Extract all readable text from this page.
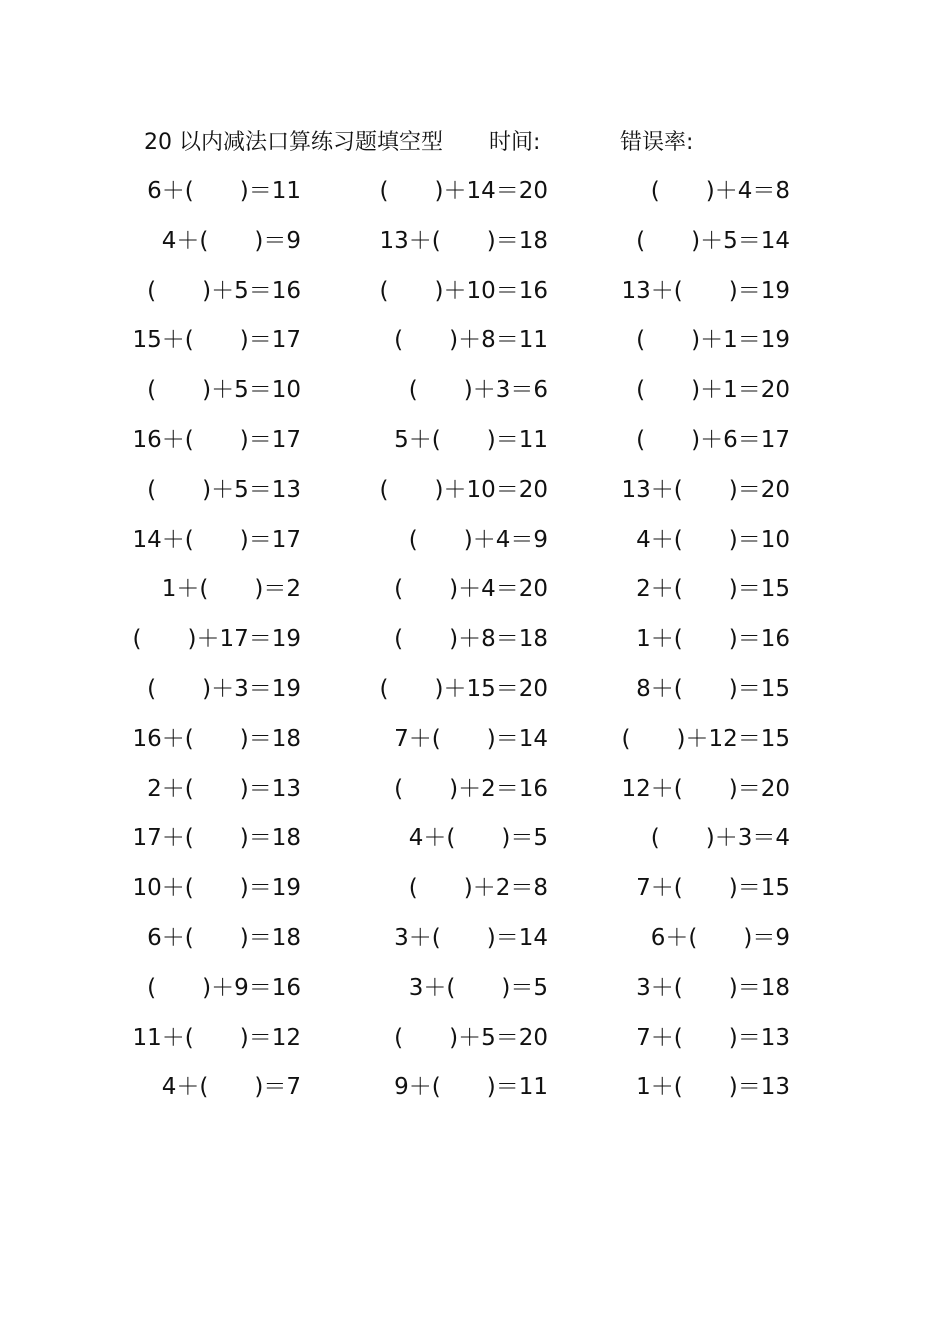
20 以内减法口算练习题填空型 时间:	错误率:
6＋(　　)＝11	(　　)＋14＝20	(　　)＋4＝8
4＋(　　)＝9	13＋(　　)＝18	(　　)＋5＝14
(　　)＋5＝16	(　　)＋10＝16	13＋(　　)＝19
15＋(　　)＝17	(　　)＋8＝11	(　　)＋1＝19
(　　)＋5＝10	(　　)＋3＝6	(　　)＋1＝20
16＋(　　)＝17	5＋(　　)＝11	(　　)＋6＝17
(　　)＋5＝13	(　　)＋10＝20	13＋(　　)＝20
14＋(　　)＝17	(　　)＋4＝9	4＋(　　)＝10
1＋(　　)＝2	(　　)＋4＝20	2＋(　　)＝15
(　　)＋17＝19	(　　)＋8＝18	1＋(　　)＝16
(　　)＋3＝19	(　　)＋15＝20	8＋(　　)＝15
16＋(　　)＝18	7＋(　　)＝14	(　　)＋12＝15
2＋(　　)＝13	(　　)＋2＝16	12＋(　　)＝20
17＋(　　)＝18	4＋(　　)＝5	(　　)＋3＝4
10＋(　　)＝19	(　　)＋2＝8	7＋(　　)＝15
6＋(　　)＝18	3＋(　　)＝14	6＋(　　)＝9
(　　)＋9＝16	3＋(　　)＝5	3＋(　　)＝18
11＋(　　)＝12	(　　)＋5＝20	7＋(　　)＝13
4＋(　　)＝7	9＋(　　)＝11	1＋(　　)＝13
